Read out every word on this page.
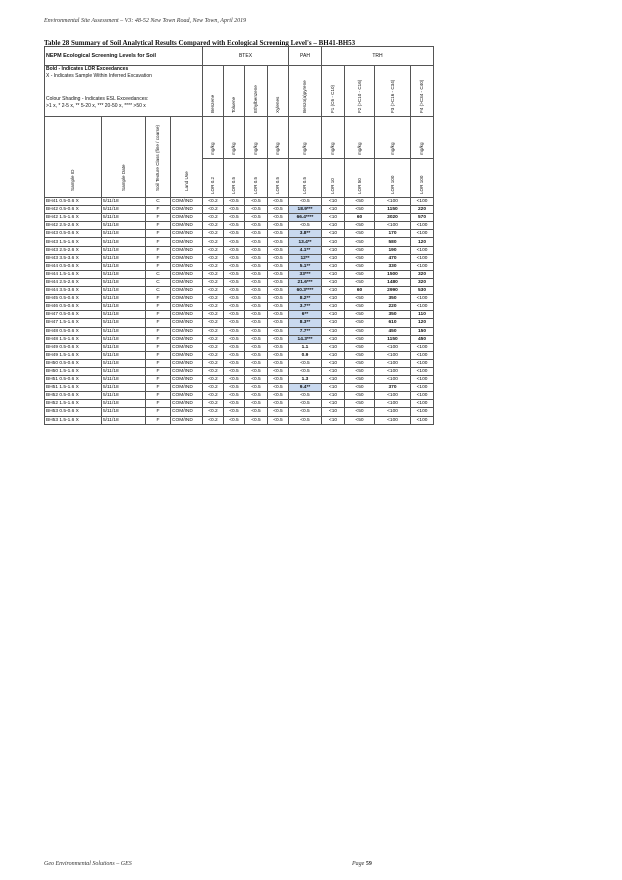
Environmental Site Assessment – V3: 48-52 New Town Road, New Town, April 2019
Table 28 Summary of Soil Analytical Results Compared with Ecological Screening Level's – BH41-BH53
NEPM Ecological Screening Levels for Soil				BTEX				PAH	TRH			

Bold - Indicates LOR Exceedances
X - Indicates Sample Within Inferred Excavation
Colour Shading - Indicates ESL Exceedances:
>1 x, * 2-5 x, ** 5-20 x, *** 20-50 x, **** >50 x				Benzene	Toluene	Ethylbenzene	Xylenes	Benzo(a)pyrene	F1 (C6 - C10)	F2 (>C10 - C16)	F3 (>C16 - C34)	F4 (>C34 - C40)

Sample ID	Sample Date	Soil Texture Class (fine / coarse)	Land Use	mg/kg	mg/kg	mg/kg	mg/kg	mg/kg	mg/kg	mg/kg	mg/kg	mg/kg

				LOR 0.2	LOR 0.5	LOR 0.5	LOR 0.5	LOR 0.5	LOR 10	LOR 50	LOR 100	LOR 100

BH41 0.5-0.6 X	5/11/18	C	COM/IND	<0.2	<0.5	<0.5	<0.5	<0.5	<10	<50	<100	<100
BH42 0.5-0.6 X	5/11/18	F	COM/IND	<0.2	<0.5	<0.5	<0.5	18.9***	<10	<50	1150	220
BH42 1.5-1.6 X	5/11/18	F	COM/IND	<0.2	<0.5	<0.5	<0.5	66.4****	<10	60	3020	570
BH42 2.5-2.6 X	5/11/18	F	COM/IND	<0.2	<0.5	<0.5	<0.5	<0.5	<10	<50	<100	<100
BH43 0.5-0.6 X	5/11/18	F	COM/IND	<0.2	<0.5	<0.5	<0.5	3.8**	<10	<50	170	<100
BH43 1.5-1.6 X	5/11/18	F	COM/IND	<0.2	<0.5	<0.5	<0.5	13.4**	<10	<50	580	120
BH43 2.5-2.6 X	5/11/18	F	COM/IND	<0.2	<0.5	<0.5	<0.5	4.1**	<10	<50	190	<100
BH43 3.5-3.6 X	5/11/18	F	COM/IND	<0.2	<0.5	<0.5	<0.5	12**	<10	<50	470	<100
BH44 0.5-0.6 X	5/11/18	F	COM/IND	<0.2	<0.5	<0.5	<0.5	5.1**	<10	<50	330	<100
BH44 1.5-1.6 X	5/11/18	C	COM/IND	<0.2	<0.5	<0.5	<0.5	33***	<10	<50	1500	320
BH44 2.5-2.6 X	5/11/18	C	COM/IND	<0.2	<0.5	<0.5	<0.5	21.6***	<10	<50	1480	320
BH44 3.5-3.6 X	5/11/18	C	COM/IND	<0.2	<0.5	<0.5	<0.5	60.3****	<10	60	2990	530
BH45 0.5-0.6 X	5/11/18	F	COM/IND	<0.2	<0.5	<0.5	<0.5	8.2**	<10	<50	350	<100
BH46 0.5-0.6 X	5/11/18	F	COM/IND	<0.2	<0.5	<0.5	<0.5	3.7**	<10	<50	220	<100
BH47 0.5-0.6 X	5/11/18	F	COM/IND	<0.2	<0.5	<0.5	<0.5	6**	<10	<50	350	110
BH47 1.5-1.6 X	5/11/18	F	COM/IND	<0.2	<0.5	<0.5	<0.5	8.3**	<10	<50	610	120
BH48 0.5-0.6 X	5/11/18	F	COM/IND	<0.2	<0.5	<0.5	<0.5	7.7**	<10	<50	450	150
BH48 1.5-1.6 X	5/11/18	F	COM/IND	<0.2	<0.5	<0.5	<0.5	14.3***	<10	<50	1150	450
BH49 0.5-0.6 X	5/11/18	F	COM/IND	<0.2	<0.5	<0.5	<0.5	1.1	<10	<50	<100	<100
BH49 1.5-1.6 X	5/11/18	F	COM/IND	<0.2	<0.5	<0.5	<0.5	0.9	<10	<50	<100	<100
BH50 0.5-0.6 X	5/11/18	F	COM/IND	<0.2	<0.5	<0.5	<0.5	<0.5	<10	<50	<100	<100
BH50 1.5-1.6 X	5/11/18	F	COM/IND	<0.2	<0.5	<0.5	<0.5	<0.5	<10	<50	<100	<100
BH51 0.5-0.6 X	5/11/18	F	COM/IND	<0.2	<0.5	<0.5	<0.5	1.3	<10	<50	<100	<100
BH51 1.5-1.6 X	5/11/18	F	COM/IND	<0.2	<0.5	<0.5	<0.5	9.4**	<10	<50	370	<100
BH52 0.5-0.6 X	5/11/18	F	COM/IND	<0.2	<0.5	<0.5	<0.5	<0.5	<10	<50	<100	<100
BH52 1.5-1.6 X	5/11/18	F	COM/IND	<0.2	<0.5	<0.5	<0.5	<0.5	<10	<50	<100	<100
BH53 0.5-0.6 X	5/11/18	F	COM/IND	<0.2	<0.5	<0.5	<0.5	<0.5	<10	<50	<100	<100
BH53 1.5-1.6 X	5/11/18	F	COM/IND	<0.2	<0.5	<0.5	<0.5	<0.5	<10	<50	<100	<100
Geo Environmental Solutions – GES	Page 59
